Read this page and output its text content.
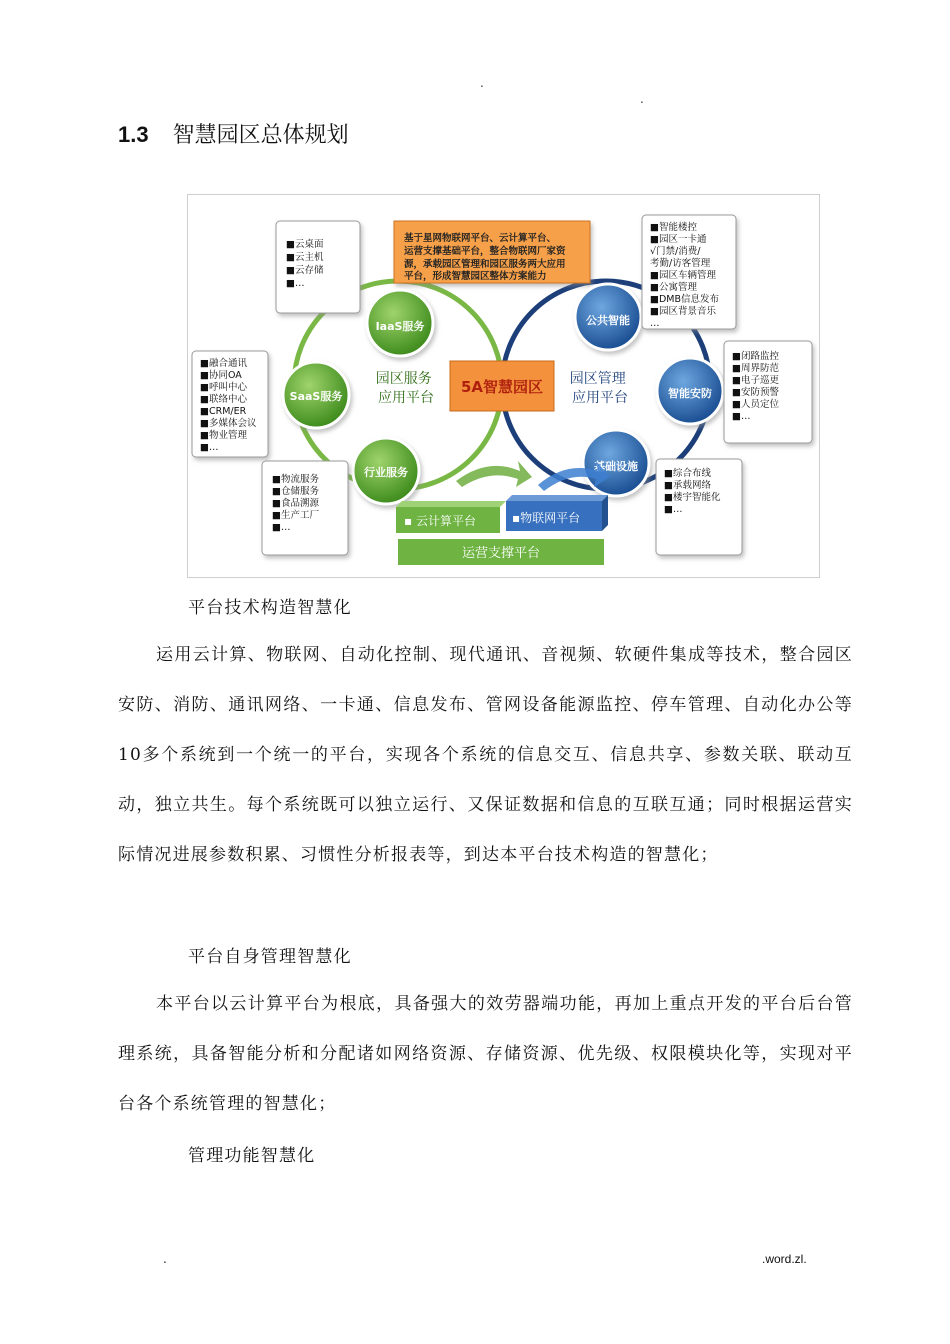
.
.
1.3 智慧园区总体规划
基于星网物联网平台、云计算平台、 运营支撑基础平台，整合物联网厂家资 源，承载园区管理和园区服务两大应用 平台，形成智慧园区整体方案能力
5A智慧园区
园区服务 应用平台
园区管理 应用平台
IaaS服务
SaaS服务
行业服务
公共智能
智能安防
基础设施
■云桌面 ■云主机 ■云存储 ■…
■融合通讯 ■协同OA ■呼叫中心 ■联络中心 ■CRM/ER ■多媒体会议 ■物业管理 ■…
■物流服务 ■仓储服务 ■食品溯源 ■生产工厂 ■…
■智能楼控 ■园区一卡通 √门禁/消费/ 考勤/访客管理 ■园区车辆管理 ■公寓管理 ■DMB信息发布 ■园区背景音乐 …
■闭路监控 ■周界防范 ■电子巡更 ■安防预警 ■人员定位 ■…
■综合布线 ■承载网络 ■楼宇智能化 ■…
▪ 云计算平台	▪物联网平台
运营支撑平台
平台技术构造智慧化

运用云计算、物联网、自动化控制、现代通讯、音视频、软硬件集成等技术，整合园区安防、消防、通讯网络、一卡通、信息发布、管网设备能源监控、停车管理、自动化办公等10多个系统到一个统一的平台，实现各个系统的信息交互、信息共享、参数关联、联动互动，独立共生。每个系统既可以独立运行、又保证数据和信息的互联互通；同时根据运营实际情况进展参数积累、习惯性分析报表等，到达本平台技术构造的智慧化；

平台自身管理智慧化

本平台以云计算平台为根底，具备强大的效劳器端功能，再加上重点开发的平台后台管理系统，具备智能分析和分配诸如网络资源、存储资源、优先级、权限模块化等，实现对平台各个系统管理的智慧化；

管理功能智慧化
.	.word.zl.
